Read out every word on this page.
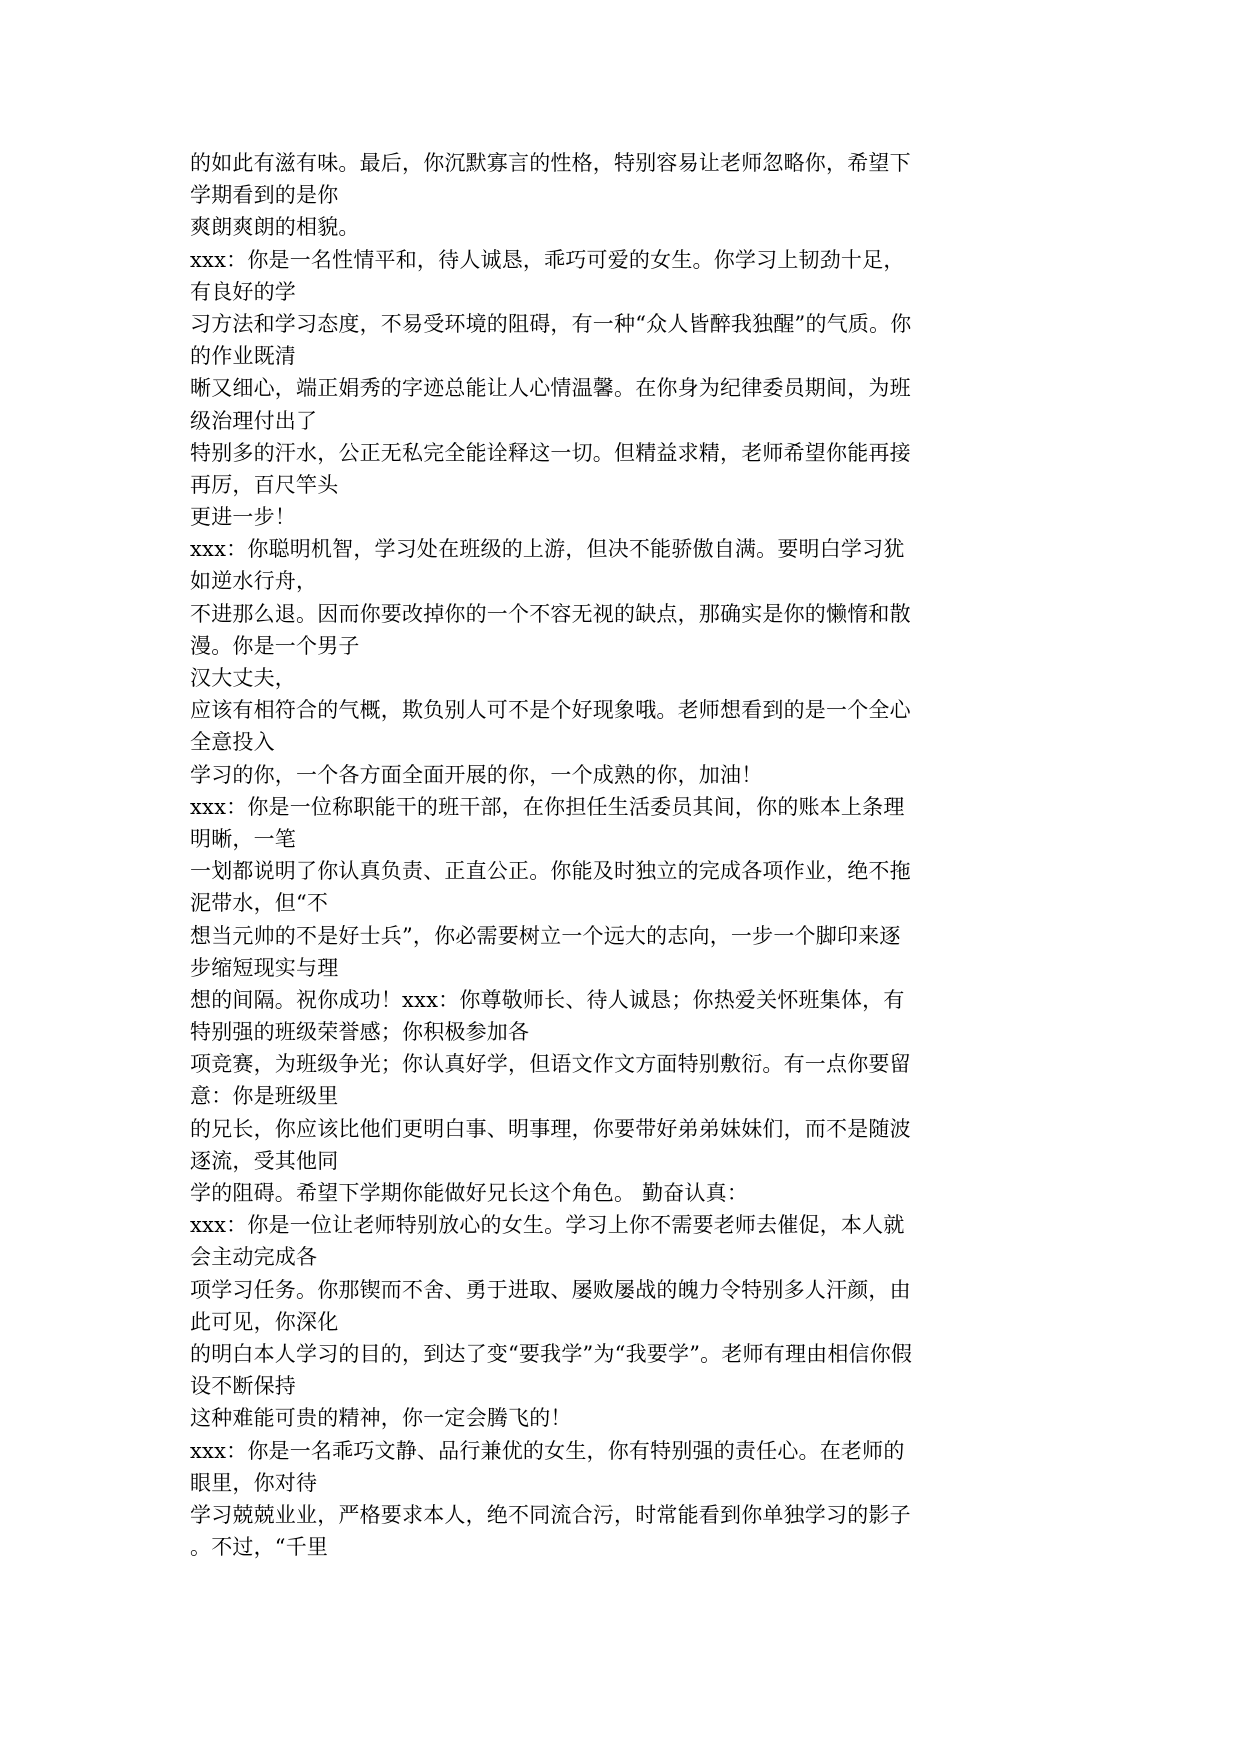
的如此有滋有味。最后，你沉默寡言的性格，特别容易让老师忽略你，希望下
学期看到的是你
爽朗爽朗的相貌。
xxx：你是一名性情平和，待人诚恳，乖巧可爱的女生。你学习上韧劲十足，
有良好的学
习方法和学习态度，不易受环境的阻碍，有一种“众人皆醉我独醒”的气质。你
的作业既清
晰又细心，端正娟秀的字迹总能让人心情温馨。在你身为纪律委员期间，为班
级治理付出了
特别多的汗水，公正无私完全能诠释这一切。但精益求精，老师希望你能再接
再厉，百尺竿头
更进一步！
xxx：你聪明机智，学习处在班级的上游，但决不能骄傲自满。要明白学习犹
如逆水行舟，
不进那么退。因而你要改掉你的一个不容无视的缺点，那确实是你的懒惰和散
漫。你是一个男子
汉大丈夫，
应该有相符合的气概，欺负别人可不是个好现象哦。老师想看到的是一个全心
全意投入
学习的你，一个各方面全面开展的你，一个成熟的你，加油！
xxx：你是一位称职能干的班干部，在你担任生活委员其间，你的账本上条理
明晰，一笔
一划都说明了你认真负责、正直公正。你能及时独立的完成各项作业，绝不拖
泥带水，但“不
想当元帅的不是好士兵”，你必需要树立一个远大的志向，一步一个脚印来逐
步缩短现实与理
想的间隔。祝你成功！xxx：你尊敬师长、待人诚恳；你热爱关怀班集体，有
特别强的班级荣誉感；你积极参加各
项竞赛，为班级争光；你认真好学，但语文作文方面特别敷衍。有一点你要留
意：你是班级里
的兄长，你应该比他们更明白事、明事理，你要带好弟弟妹妹们，而不是随波
逐流，受其他同
学的阻碍。希望下学期你能做好兄长这个角色。 勤奋认真：
xxx：你是一位让老师特别放心的女生。学习上你不需要老师去催促，本人就
会主动完成各
项学习任务。你那锲而不舍、勇于进取、屡败屡战的魄力令特别多人汗颜，由
此可见，你深化
的明白本人学习的目的，到达了变“要我学”为“我要学”。老师有理由相信你假
设不断保持
这种难能可贵的精神，你一定会腾飞的！
xxx：你是一名乖巧文静、品行兼优的女生，你有特别强的责任心。在老师的
眼里，你对待
学习兢兢业业，严格要求本人，绝不同流合污，时常能看到你单独学习的影子
。不过，“千里
